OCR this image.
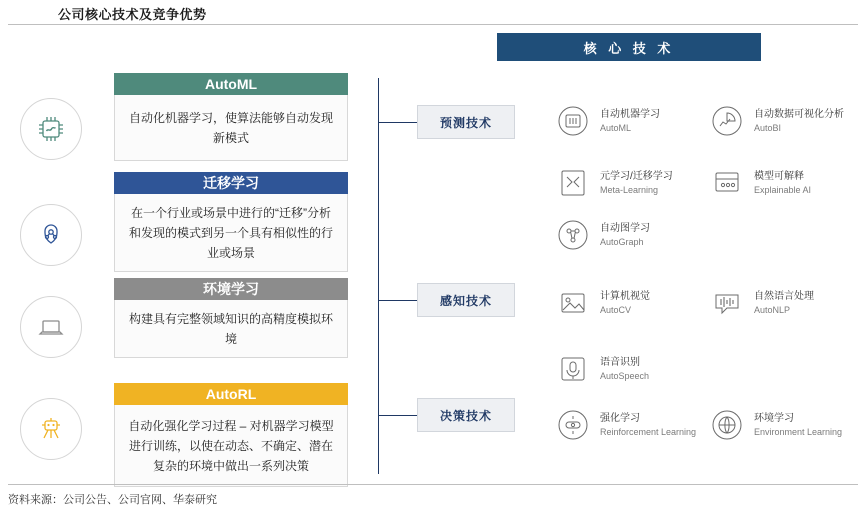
公司核心技术及竞争优势
AutoML
自动化机器学习，使算法能够自动发现新模式
迁移学习
在一个行业或场景中进行的“迁移”分析和发现的模式到另一个具有相似性的行业或场景
环境学习
构建具有完整领域知识的高精度模拟环境
AutoRL
自动化强化学习过程 – 对机器学习模型进行训练，以使在动态、不确定、潜在复杂的环境中做出一系列决策
核 心 技 术
预测技术
感知技术
决策技术
自动机器学习
AutoML
自动数据可视化分析
AutoBI
元学习/迁移学习
Meta-Learning
模型可解释
Explainable AI
自动图学习
AutoGraph
计算机视觉
AutoCV
自然语言处理
AutoNLP
语音识别
AutoSpeech
强化学习
Reinforcement Learning
环境学习
Environment Learning
资料来源：公司公告、公司官网、华泰研究
